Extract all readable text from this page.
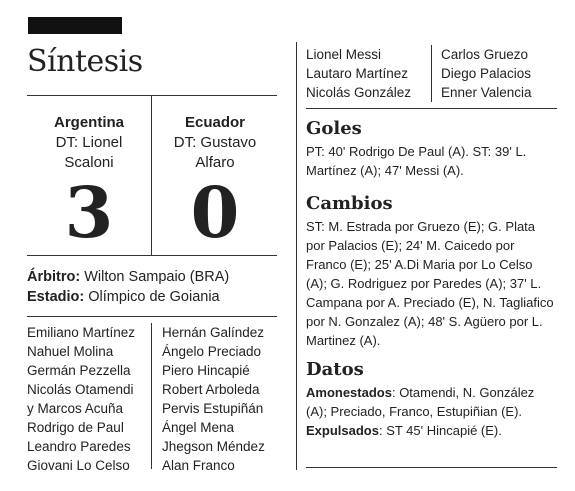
Síntesis
Argentina
DT: Lionel
Scaloni
Ecuador
DT: Gustavo
Alfaro
3	0
Árbitro: Wilton Sampaio (BRA)
Estadio: Olímpico de Goiania
Emiliano Martínez
Nahuel Molina
Germán Pezzella
Nicolás Otamendi
y Marcos Acuña
Rodrigo de Paul
Leandro Paredes
Giovani Lo Celso
Hernán Galíndez
Ángelo Preciado
Piero Hincapié
Robert Arboleda
Pervis Estupiñán
Ángel Mena
Jhegson Méndez
Alan Franco
Lionel Messi
Lautaro Martínez
Nicolás González
Carlos Gruezo
Diego Palacios
Enner Valencia
Goles
PT: 40' Rodrigo De Paul (A). ST: 39' L. Martínez (A); 47' Messi (A).
Cambios
ST: M. Estrada por Gruezo (E); G. Plata por Palacios (E); 24' M. Caicedo por Franco (E); 25' A.Di Maria por Lo Celso (A); G. Rodriguez por Paredes (A); 37' L. Campana por A. Preciado (E), N. Tagliafico por N. Gonzalez (A); 48' S. Agüero por L. Martinez (A).
Datos
Amonestados: Otamendi, N. González (A); Preciado, Franco, Estupiñian (E).
Expulsados: ST 45' Hincapié (E).
